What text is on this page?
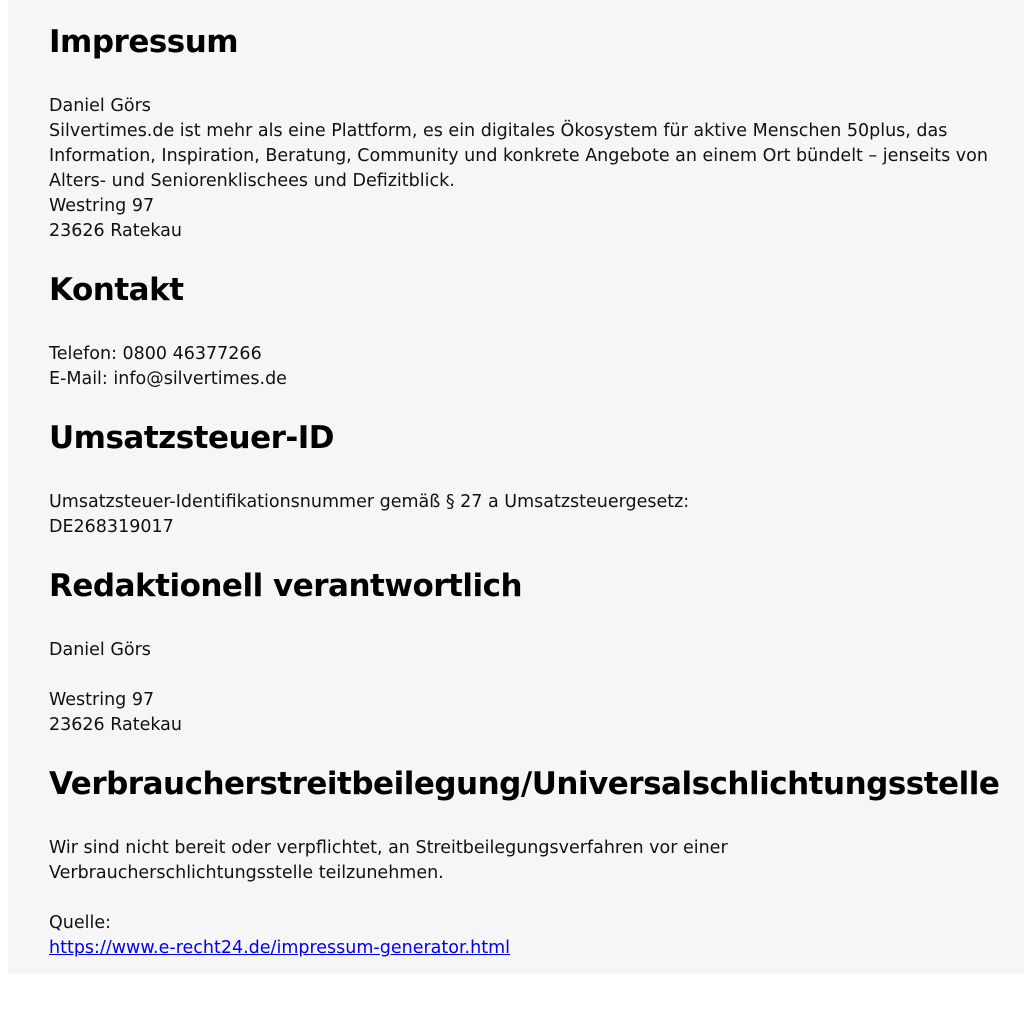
Impressum

Daniel Görs
Silvertimes.de ist mehr als eine Plattform, es ein digitales Ökosystem für aktive Menschen 50plus, das
Information, Inspiration, Beratung, Community und konkrete Angebote an einem Ort bündelt – jenseits von
Alters- und Seniorenklischees und Defizitblick.
Westring 97
23626 Ratekau

Kontakt

Telefon: 0800 46377266
E-Mail: info@silvertimes.de

Umsatzsteuer-ID

Umsatzsteuer-Identifikationsnummer gemäß § 27 a Umsatzsteuergesetz:
DE268319017

Redaktionell verantwortlich

Daniel Görs
Westring 97
23626 Ratekau

Verbraucherstreitbeilegung/Universalschlichtungsstelle

Wir sind nicht bereit oder verpflichtet, an Streitbeilegungsverfahren vor einer
Verbraucherschlichtungsstelle teilzunehmen.
Quelle:
https://www.e-recht24.de/impressum-generator.html
